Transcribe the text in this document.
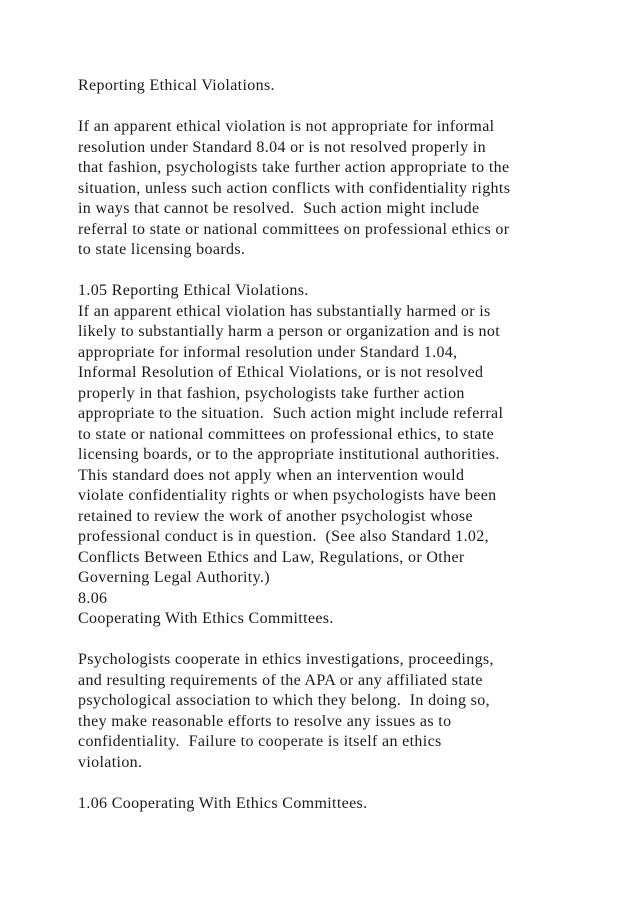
Reporting Ethical Violations.
If an apparent ethical violation is not appropriate for informal
resolution under Standard 8.04 or is not resolved properly in
that fashion, psychologists take further action appropriate to the
situation, unless such action conflicts with confidentiality rights
in ways that cannot be resolved.  Such action might include
referral to state or national committees on professional ethics or
to state licensing boards.
1.05 Reporting Ethical Violations.
If an apparent ethical violation has substantially harmed or is
likely to substantially harm a person or organization and is not
appropriate for informal resolution under Standard 1.04,
Informal Resolution of Ethical Violations, or is not resolved
properly in that fashion, psychologists take further action
appropriate to the situation.  Such action might include referral
to state or national committees on professional ethics, to state
licensing boards, or to the appropriate institutional authorities.
This standard does not apply when an intervention would
violate confidentiality rights or when psychologists have been
retained to review the work of another psychologist whose
professional conduct is in question.  (See also Standard 1.02,
Conflicts Between Ethics and Law, Regulations, or Other
Governing Legal Authority.)
8.06
Cooperating With Ethics Committees.
Psychologists cooperate in ethics investigations, proceedings,
and resulting requirements of the APA or any affiliated state
psychological association to which they belong.  In doing so,
they make reasonable efforts to resolve any issues as to
confidentiality.  Failure to cooperate is itself an ethics
violation.
1.06 Cooperating With Ethics Committees.
